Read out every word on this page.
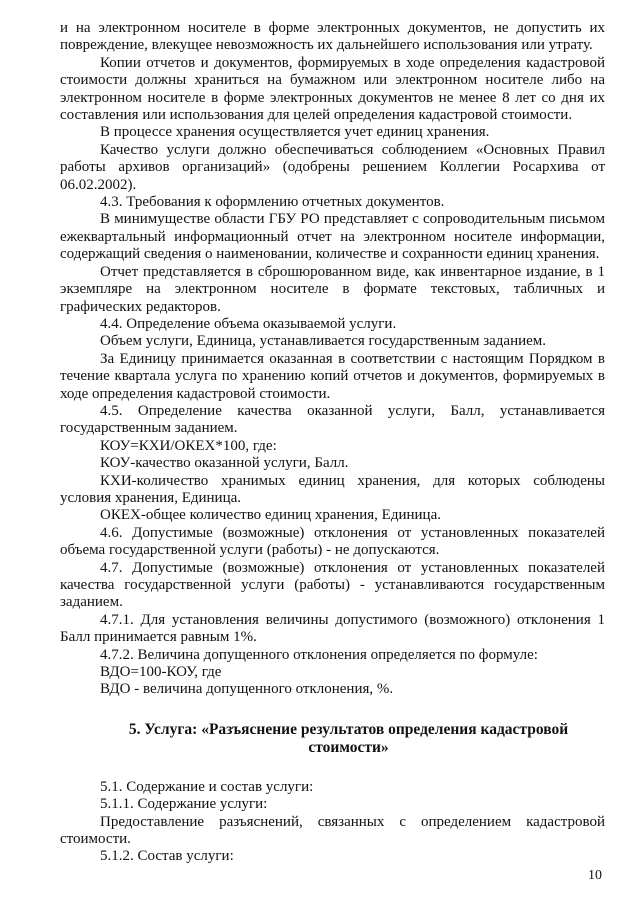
и на электронном носителе в форме электронных документов, не допустить их повреждение, влекущее невозможность их дальнейшего использования или утрату.

Копии отчетов и документов, формируемых в ходе определения кадастровой стоимости должны храниться на бумажном или электронном носителе либо на электронном носителе в форме электронных документов не менее 8 лет со дня их составления или использования для целей определения кадастровой стоимости.

В процессе хранения осуществляется учет единиц хранения.

Качество услуги должно обеспечиваться соблюдением «Основных Правил работы архивов организаций» (одобрены решением Коллегии Росархива от 06.02.2002).

4.3. Требования к оформлению отчетных документов.

В минимуществе области ГБУ РО представляет с сопроводительным письмом ежеквартальный информационный отчет на электронном носителе информации, содержащий сведения о наименовании, количестве и сохранности единиц хранения.

Отчет представляется в сброшюрованном виде, как инвентарное издание, в 1 экземпляре на электронном носителе в формате текстовых, табличных и графических редакторов.

4.4. Определение объема оказываемой услуги.

Объем услуги, Единица, устанавливается государственным заданием.

За Единицу принимается оказанная в соответствии с настоящим Порядком в течение квартала услуга по хранению копий отчетов и документов, формируемых в ходе определения кадастровой стоимости.

4.5. Определение качества оказанной услуги, Балл, устанавливается государственным заданием.

КОУ=КХИ/ОКЕХ*100, где:

КОУ-качество оказанной услуги, Балл.

КХИ-количество хранимых единиц хранения, для которых соблюдены условия хранения, Единица.

ОКЕХ-общее количество единиц хранения, Единица.

4.6. Допустимые (возможные) отклонения от установленных показателей объема государственной услуги (работы) - не допускаются.

4.7. Допустимые (возможные) отклонения от установленных показателей качества государственной услуги (работы) - устанавливаются государственным заданием.

4.7.1. Для установления величины допустимого (возможного) отклонения 1 Балл принимается равным 1%.

4.7.2. Величина допущенного отклонения определяется по формуле:

ВДО=100-КОУ, где

ВДО - величина допущенного отклонения, %.

5. Услуга: «Разъяснение результатов определения кадастровой стоимости»

5.1. Содержание и состав услуги:

5.1.1. Содержание услуги:

Предоставление разъяснений, связанных с определением кадастровой стоимости.

5.1.2. Состав услуги:

10
